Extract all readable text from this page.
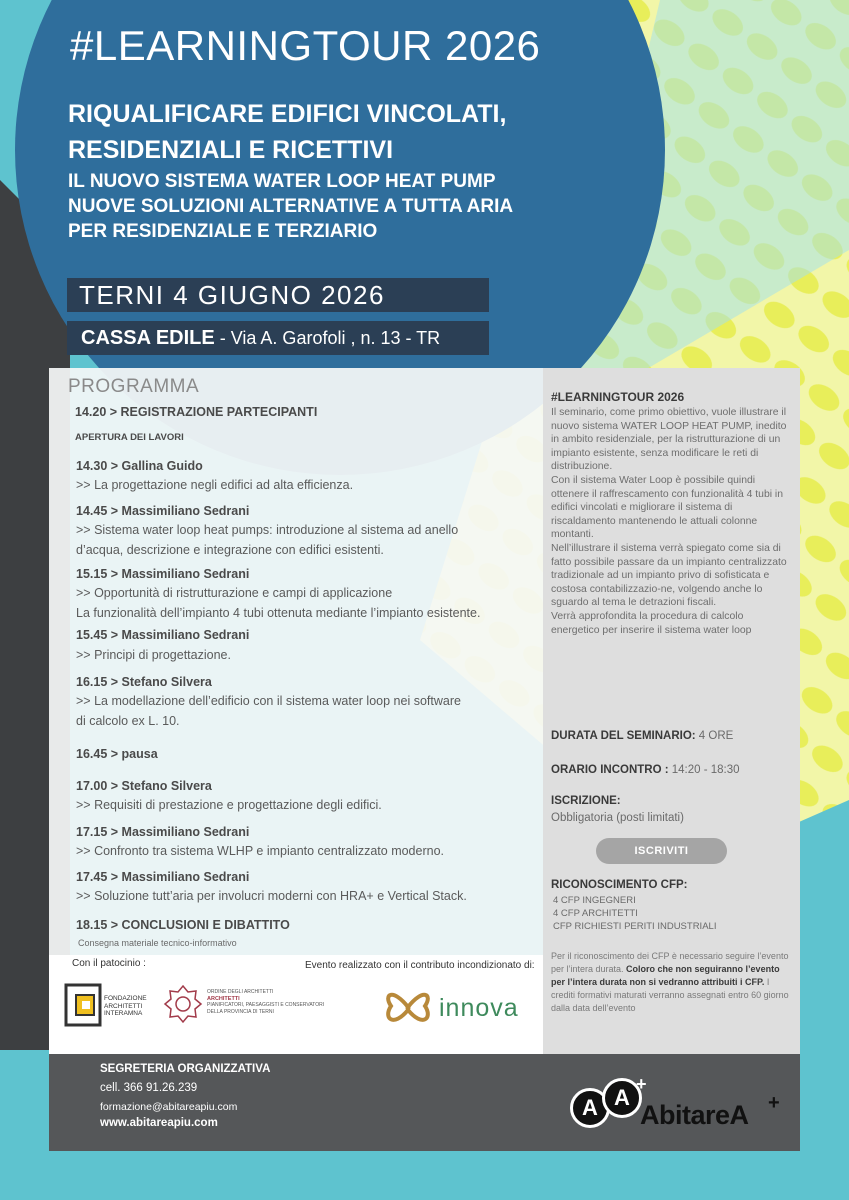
#LEARNINGTOUR 2026
RIQUALIFICARE EDIFICI VINCOLATI,
RESIDENZIALI E RICETTIVI
IL NUOVO SISTEMA WATER LOOP HEAT PUMP
NUOVE SOLUZIONI ALTERNATIVE A TUTTA ARIA
PER RESIDENZIALE E TERZIARIO
TERNI 4 GIUGNO 2026
CASSA EDILE - Via A. Garofoli , n. 13 - TR
PROGRAMMA
14.20 > REGISTRAZIONE PARTECIPANTI
APERTURA DEI LAVORI
14.30 > Gallina Guido
>> La progettazione negli edifici ad alta efficienza.
14.45 > Massimiliano Sedrani
>> Sistema water loop heat pumps: introduzione al sistema ad anello
d’acqua, descrizione e integrazione con edifici esistenti.
15.15 > Massimiliano Sedrani
>> Opportunità di ristrutturazione e campi di applicazione
La funzionalità dell’impianto 4 tubi ottenuta mediante l’impianto esistente.
15.45 > Massimiliano Sedrani
>> Principi di progettazione.
16.15 > Stefano Silvera
>> La modellazione dell’edificio con il sistema water loop nei software
di calcolo ex L. 10.
16.45 > pausa
17.00 > Stefano Silvera
>> Requisiti di prestazione e progettazione degli edifici.
17.15 > Massimiliano Sedrani
>> Confronto tra sistema WLHP e impianto centralizzato moderno.
17.45 > Massimiliano Sedrani
>> Soluzione tutt’aria per involucri moderni con HRA+ e Vertical Stack.
18.15 > CONCLUSIONI E DIBATTITO
Consegna materiale tecnico-informativo
#LEARNINGTOUR 2026

Il seminario, come primo obiettivo, vuole illustrare il nuovo sistema WATER LOOP HEAT PUMP, inedito in ambito residenziale, per la ristrutturazione di un impianto esistente, senza modificare le reti di distribuzione.

Con il sistema Water Loop è possibile quindi ottenere il raffrescamento con funzionalità 4 tubi in edifici vincolati e migliorare il sistema di riscaldamento mantenendo le attuali colonne montanti.

Nell’illustrare il sistema verrà spiegato come sia di fatto possibile passare da un impianto centralizzato tradizionale ad un impianto privo di sofisticata e costosa contabilizzazio-ne, volgendo anche lo sguardo al tema le detrazioni fiscali.

Verrà approfondita la procedura di calcolo energetico per inserire il sistema water loop

DURATA DEL SEMINARIO: 4 ORE
ORARIO INCONTRO : 14:20 - 18:30
ISCRIZIONE:
Obbligatoria (posti limitati)
ISCRIVITI
RICONOSCIMENTO CFP:
4 CFP INGEGNERI
4 CFP ARCHITETTI
CFP RICHIESTI PERITI INDUSTRIALI
Per il riconoscimento dei CFP è necessario seguire l’evento per l’intera durata. Coloro che non seguiranno l’evento per l’intera durata non si vedranno attribuiti i CFP. I crediti formativi maturati verranno assegnati entro 60 giorno dalla data dell’evento
Con il patocinio :	Evento realizzato con il contributo incondizionato di:
FONDAZIONE
ARCHITETTI
INTERAMNA
ORDINE DEGLI ARCHITETTI
ARCHITETTI
PIANIFICATORI, PAESAGGISTI E CONSERVATORI
DELLA PROVINCIA DI TERNI	innova
SEGRETERIA ORGANIZZATIVA
cell. 366 91.26.239
formazione@abitareapiu.com
www.abitareapiu.com
A A
+
AbitareA +
